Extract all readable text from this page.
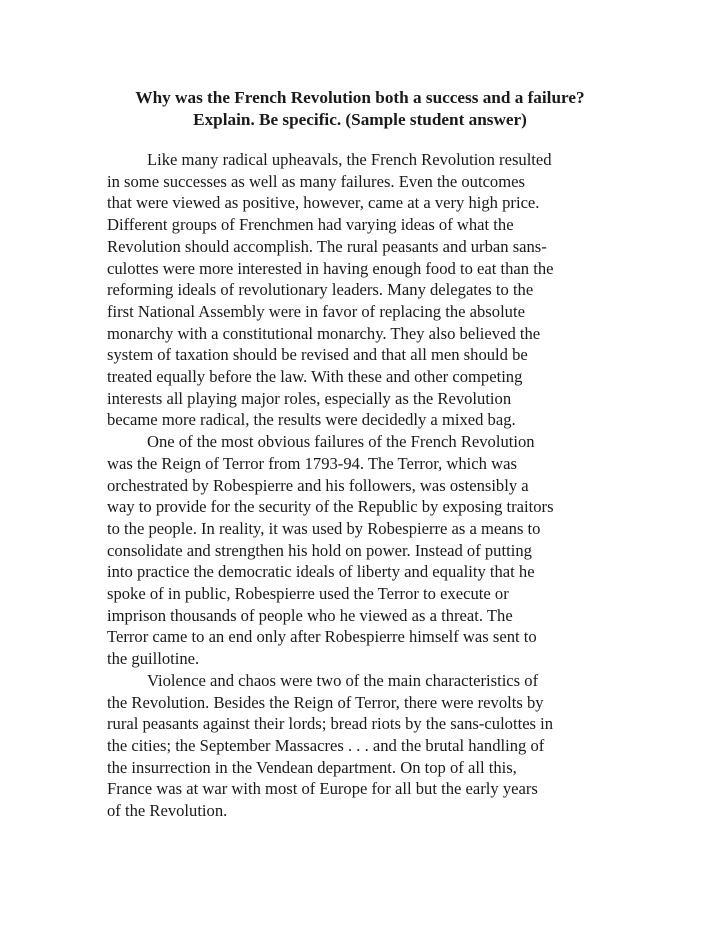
Why was the French Revolution both a success and a failure?
Explain. Be specific. (Sample student answer)
Like many radical upheavals, the French Revolution resulted
in some successes as well as many failures. Even the outcomes
that were viewed as positive, however, came at a very high price.
Different groups of Frenchmen had varying ideas of what the
Revolution should accomplish. The rural peasants and urban sans-
culottes were more interested in having enough food to eat than the
reforming ideals of revolutionary leaders. Many delegates to the
first National Assembly were in favor of replacing the absolute
monarchy with a constitutional monarchy. They also believed the
system of taxation should be revised and that all men should be
treated equally before the law. With these and other competing
interests all playing major roles, especially as the Revolution
became more radical, the results were decidedly a mixed bag.
One of the most obvious failures of the French Revolution
was the Reign of Terror from 1793-94. The Terror, which was
orchestrated by Robespierre and his followers, was ostensibly a
way to provide for the security of the Republic by exposing traitors
to the people. In reality, it was used by Robespierre as a means to
consolidate and strengthen his hold on power. Instead of putting
into practice the democratic ideals of liberty and equality that he
spoke of in public, Robespierre used the Terror to execute or
imprison thousands of people who he viewed as a threat. The
Terror came to an end only after Robespierre himself was sent to
the guillotine.
Violence and chaos were two of the main characteristics of
the Revolution. Besides the Reign of Terror, there were revolts by
rural peasants against their lords; bread riots by the sans-culottes in
the cities; the September Massacres . . . and the brutal handling of
the insurrection in the Vendean department. On top of all this,
France was at war with most of Europe for all but the early years
of the Revolution.
